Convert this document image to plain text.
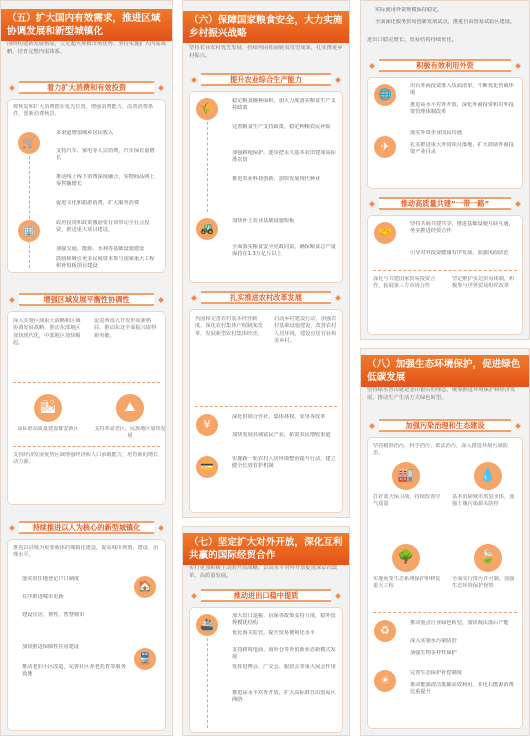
（五）扩大国内有效需求，推进区域协调发展和新型城镇化
围绕构建新发展格局，立足超大规模市场优势，坚持实施扩大内需战略，培育完整内需体系。
着力扩大消费和有效投资
将恢复和扩大消费摆在优先位置，增强消费能力，改善消费条件，创新消费场景。
🛒
多渠道增加城乡居民收入
支持汽车、家电等大宗消费，汽车保有量增长
推动线上线下消费深度融合，实物商品网上零售额增长
促进文化和旅游消费，扩大服务消费
🏢
政府投资和政策激励要有效带动全社会投资，推进重大项目建设。
加强交通、能源、水利等基础设施建设
鼓励和吸引更多民间资本参与国家重大工程和补短板项目建设
增强区域发展平衡性协调性
深入实施区域重大战略和区域协调发展战略，推动东部地区加快现代化，中部地区加快崛起。
促进西部大开发形成新格局，推动东北全面振兴取得新突破。
🏙	⛰
高标准高质量建设雄安新区	支持革命老区、民族地区加快发展
支持经济发展优势区域增强经济和人口承载能力，培育新的增长动力源。
持续推进以人为核心的新型城镇化
推进以县城为重要载体的城镇化建设，提高城市规划、建设、治理水平。
🏠
落实常住地登记户口制度
有序推进城市更新
建设宜居、韧性、智慧城市
🚆
加快推进保障性住房建设
推动老旧小区改造，完善社区养老托育等服务设施
（六）保障国家粮食安全，大力实施乡村振兴战略
坚持农业农村优先发展，持续巩固拓展脱贫攻坚成果，扎实推进乡村振兴。
提升农业综合生产能力
🌾
稳定粮食播种面积，加大力度落实粮食生产支持政策
完善粮食生产支持政策，稳定种粮农民补贴
加强耕地保护，逐步把永久基本农田建成高标准农田
推进农业科技创新，加快发展现代种业
🚜
加快补上农业基础设施短板
全面落实粮食安全党政同责，确保粮食总产量保持在1.3万亿斤以上
扎实推进农村改革发展
巩固和完善农村基本经营制度，深化农村集体产权制度改革，发展新型农村集体经济。
启动乡村建设行动，加强农村基础设施建设，改善农村人居环境，建设宜居宜业和美乡村。
¥
深化供销合作社、集体林权、农垦等改革
加快发展县域富民产业，拓宽农民增收渠道
💳
实施新一轮农村人居环境整治提升行动，建立健全长效管护机制
（七）坚定扩大对外开放，深化互利共赢的国际经贸合作
实行更加积极主动的开放战略，以高水平对外开放促进深层次改革、高质量发展。
推动进出口稳中提质
🚢
加大出口退税、信保等政策支持力度，稳外贸规模优结构
优化海关监管，提升贸易便利化水平
支持跨境电商、海外仓等外贸新业态新模式发展
发挥进博会、广交会、服贸会等重大展会作用
推进高水平对外开放，扩大高标准自由贸易区网络
实际使用外资规模保持稳定。
全面深化服务贸易创新发展试点，推进自由贸易试验区建设。
进出口稳定增长，贸易结构持续优化。
积极有效利用外资
🌐
✈
出台外商投资准入负面清单，不断优化营商环境
推进高水平对外开放，深化外商投资和对外投资管理体制改革
落实外资企业国民待遇
扎实推进重大外资项目落地，扩大鼓励外商投资产业目录
推动高质量共建“一带一路”
🤝
坚持共商共建共享，推进基础设施互联互通，务实推进经贸合作
引导对外投资健康有序发展，加强风险防范
深化与共建国家贸易投资合作，拓展第三方市场合作
坚定维护多边贸易体制，积极参与世界贸易组织改革
（八）加强生态环境保护，促进绿色低碳发展
坚持绿水青山就是金山银山的理念，统筹推进环境保护和经济发展，推动生产生活方式绿色转型。
加强污染治理和生态建设
坚持精准治污、科学治污、依法治污，深入推进环境污染防治。
🏭	💧
打好蓝天保卫战，持续改善空气质量
基本消除城市黑臭水体，加强土壤污染源头防控
🌳	🍃
实施重要生态系统保护和修复重大工程
全面实行排污许可制，加强生态环境保护督察
♻
推动重点行业绿色转型，加快淘汰落后产能
深入实施水污染防治
加强生物多样性保护
☀
完善生态保护补偿制度
推动能源清洁低碳高效利用，非化石能源消费比重提升
